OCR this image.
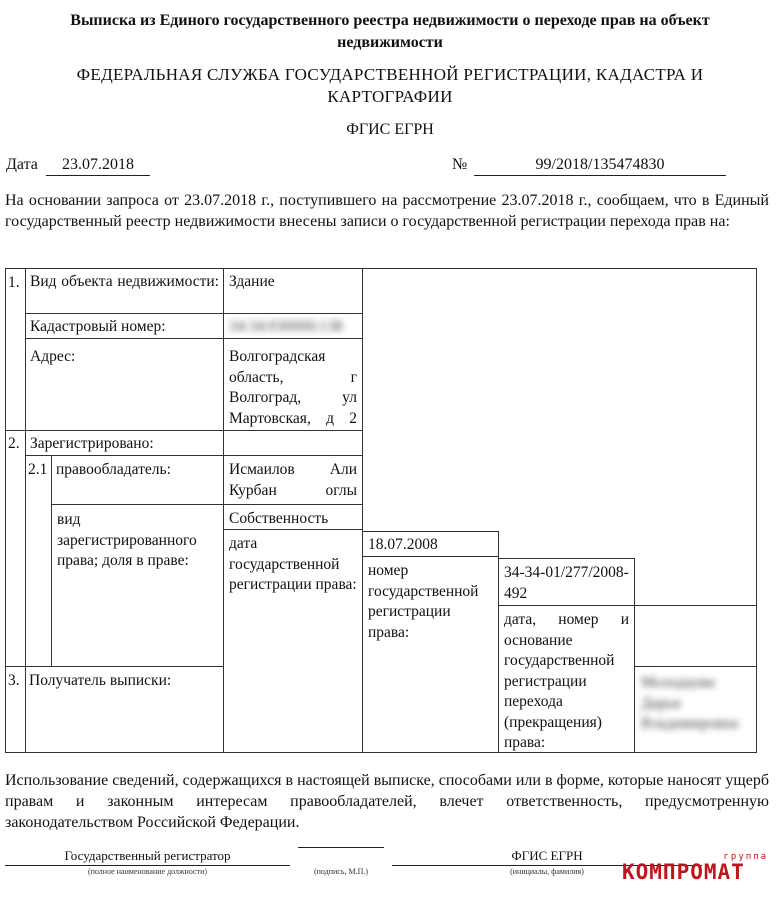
Выписка из Единого государственного реестра недвижимости о переходе прав на объект
недвижимости
ФЕДЕРАЛЬНАЯ СЛУЖБА ГОСУДАРСТВЕННОЙ РЕГИСТРАЦИИ, КАДАСТРА И
КАРТОГРАФИИ
ФГИС ЕГРН
Дата	23.07.2018	№	99/2018/135474830
На основании запроса от 23.07.2018 г., поступившего на рассмотрение 23.07.2018 г., сообщаем, что в Единый государственный реестр недвижимости внесены записи о государственной регистрации перехода прав на:
1. Вид объекта недвижимости: Здание
Кадастровый номер:	34:34:030000:138
Адрес:	Волгоградская область, г Волгоград, ул Мартовская, д 2
2. Зарегистрировано:
2.1 правообладатель:	Исмаилов Али Курбан оглы
вид зарегистрированного права; доля в праве:
Собственность
дата государственной регистрации права:
18.07.2008
номер государственной регистрации права:
34-34-01/277/2008-492
дата, номер и основание государственной регистрации перехода (прекращения) права:
3. Получатель выписки:	Молодцова Дарья Владимировна
Использование сведений, содержащихся в настоящей выписке, способами или в форме, которые наносят ущерб правам и законным интересам правообладателей, влечет ответственность, предусмотренную законодательством Российской Федерации.
Государственный регистратор
(полное наименование должности)	(подпись, М.П.)
ФГИС ЕГРН
(инициалы, фамилия)
группа
КОМПРОМАТ
